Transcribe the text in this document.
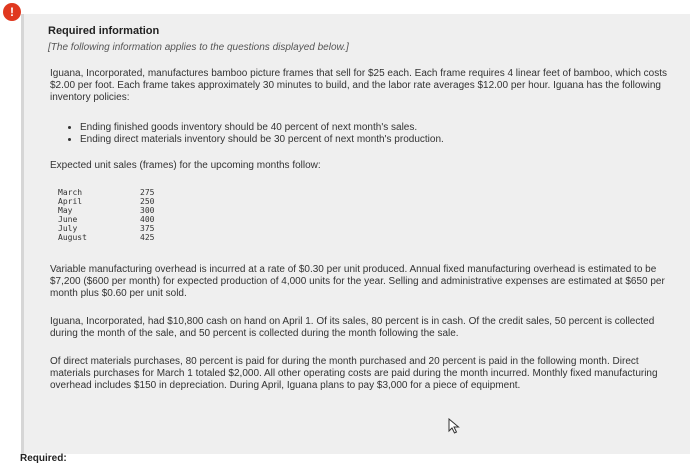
!
Required information
[The following information applies to the questions displayed below.]

Iguana, Incorporated, manufactures bamboo picture frames that sell for $25 each. Each frame requires 4 linear feet of bamboo, which costs $2.00 per foot. Each frame takes approximately 30 minutes to build, and the labor rate averages $12.00 per hour. Iguana has the following inventory policies:

• Ending finished goods inventory should be 40 percent of next month's sales.
• Ending direct materials inventory should be 30 percent of next month's production.

Expected unit sales (frames) for the upcoming months follow:

March	275
April	250
May	300
June	400
July	375
August	425

Variable manufacturing overhead is incurred at a rate of $0.30 per unit produced. Annual fixed manufacturing overhead is estimated to be $7,200 ($600 per month) for expected production of 4,000 units for the year. Selling and administrative expenses are estimated at $650 per month plus $0.60 per unit sold.

Iguana, Incorporated, had $10,800 cash on hand on April 1. Of its sales, 80 percent is in cash. Of the credit sales, 50 percent is collected during the month of the sale, and 50 percent is collected during the month following the sale.

Of direct materials purchases, 80 percent is paid for during the month purchased and 20 percent is paid in the following month. Direct materials purchases for March 1 totaled $2,000. All other operating costs are paid during the month incurred. Monthly fixed manufacturing overhead includes $150 in depreciation. During April, Iguana plans to pay $3,000 for a piece of equipment.

Required:
